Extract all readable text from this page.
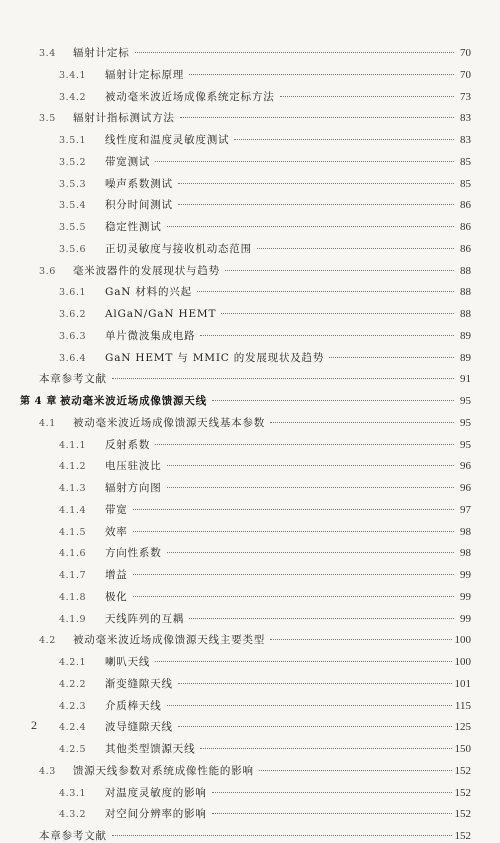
3.4	辐射计定标	70
3.4.1	辐射计定标原理	70
3.4.2	被动毫米波近场成像系统定标方法	73
3.5	辐射计指标测试方法	83
3.5.1	线性度和温度灵敏度测试	83
3.5.2	带宽测试	85
3.5.3	噪声系数测试	85
3.5.4	积分时间测试	86
3.5.5	稳定性测试	86
3.5.6	正切灵敏度与接收机动态范围	86
3.6	毫米波器件的发展现状与趋势	88
3.6.1	GaN 材料的兴起	88
3.6.2	AlGaN/GaN HEMT	88
3.6.3	单片微波集成电路	89
3.6.4	GaN HEMT 与 MMIC 的发展现状及趋势	89
本章参考文献	91
第 4 章 被动毫米波近场成像馈源天线	95
4.1	被动毫米波近场成像馈源天线基本参数	95
4.1.1	反射系数	95
4.1.2	电压驻波比	96
4.1.3	辐射方向图	96
4.1.4	带宽	97
4.1.5	效率	98
4.1.6	方向性系数	98
4.1.7	增益	99
4.1.8	极化	99
4.1.9	天线阵列的互耦	99
4.2	被动毫米波近场成像馈源天线主要类型	100
4.2.1	喇叭天线	100
4.2.2	渐变缝隙天线	101
4.2.3	介质棒天线	115
4.2.4	波导缝隙天线	125
4.2.5	其他类型馈源天线	150
4.3	馈源天线参数对系统成像性能的影响	152
4.3.1	对温度灵敏度的影响	152
4.3.2	对空间分辨率的影响	152
本章参考文献	152
2
